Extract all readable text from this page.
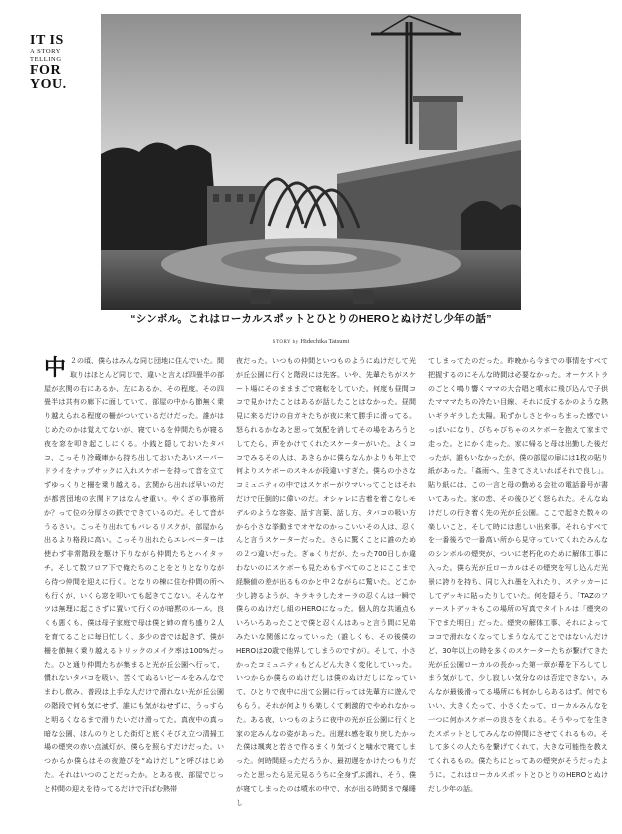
IT IS
A STORY
TELLING
FOR
YOU.
“シンボル。これはローカルスポットとひとりのHEROとぬけだし少年の話”
STORY by Hidechika Tatsumi
中 ２の頃、僕らはみんな同じ団地に住んでいた。間取りはほとんど同じで、違いと言えば四畳半の部屋が玄関の右にあるか、左にあるか、その程度。その四畳半は共有の廊下に面していて、部屋の中から節無く乗り越えられる程度の柵がついているだけだった。誰がはじめたのかは覚えてないが、寝ているを仲間たちが寝る夜を窓を叩き起こしにくる。小銭と隠しておいたタバコ、こっそり冷蔵庫から持ち出しておいたあいスーパードライをナップサックに入れスケボーを持って音を立てずゆっくりと柵を乗り越える。玄関から出れば早いのだが都営団地の玄関ドアはなんせ重い。やくざの事務所か？って位の分厚さの鉄でできているのだ。そして音がうるさい。こっそり出れてもバレるリスクが、部屋から出るより格段に高い。こっそり出れたらエレベーターは使わず非常階段を駆け下りながら仲間たちとハイタッチ。そして数フロア下で俺たちのことをとりとなりながら待つ仲間を迎えに行く。となりの棟に住む仲間の所へも行くが、いくら窓を叩いても起きてこない。そんなヤツは無理に起こさずに置いて行くのが暗黙のルール。良くも悪くも、僕は母子家庭で母は僕と姉の育ち盛り２人を育てることに毎日忙しく、多少の音では起きず、僕が柵を節無く乗り越えるトリックのメイク率は100%だった。ひと通り仲間たちが集まると光が丘公園へ行って、慣れないタバコを吸い、苦くてぬるいビールをみんなでまわし飲み、普段は上手な人だけで滑れない光が丘公園の階段で何も気にせず、誰にも気がねせずに、うっすらと明るくなるまで滑りたいだけ滑ってた。真夜中の真っ暗な公園、ほんのりとした街灯と底くそびえ立つ清掃工場の煙突の赤い点滅灯が、僕らを照らすだけだった。いつからか僕らはその夜遊びを“ぬけだし”と呼びはじめた。それはいつのことだったか。とある夜、部屋でじっと仲間の迎えを待ってるだけで汗ばむ熱帯
夜だった。いつもの仲間といつものようにぬけだして光が丘公園に行くと階段には先客。いや、先輩たちがスケート場にそのまままごで寝転をしていた。何度も昼間ココで見かけたことはあるが話したことはなかった。昼間見に来るだけの自ガキたちが夜に来て勝手に滑ってる。怒られるかなあと思って気配を消してその場をあろうとしてたら、声をかけてくれたスケーターがいた。よくココでみるその人は、あきらかに僕らなんかよりも年上で何よりスケボーのスキルが段違いすぎた。僕らの小さなコミュニティの中ではスケボーがウマいってことはそれだけで圧倒的に偉いのだ。オシャレに古着を着こなしモデルのような容姿、話す言葉、話し方、タバコの吸い方から小さな挙動までオヤなのかっこいいその人は、忍くんと言うスケーターだった。さらに驚くことに誰のための２つ違いだった。ぎゅくりだが、たった700日しか違わないのにスケボーも見ためもすべてのことにここまで経験値の差が出るものかと中２ながらに驚いた。どこか少し誇るようが、キラキラしたオーラの忍くんは一瞬で僕らのぬけだし組のHEROになった。個人的な共通点もいろいろあったことで僕と忍くんはあっと言う間に兄弟みたいな関係になっていった（誰しくも、その後僕のHEROは20歳で他界してしまうのですが）。そして、小さかったコミュニティもどんどん大きく変化していった。いつからか僕らのぬけだしは僕のぬけだしになっていて、ひとりで夜中に出て公園に行っては先輩方に遊んでもらう。それが何よりも楽しくて刺激的でやめれなかった。ある夜、いつものように夜中の光が丘公園に行くと家の定みんなの姿があった。出遅れ感を取り戻したかった僕は颯爽と若さで作るまくり気づくと噛水で寝てしまった。何時間経っただろうか、最初遅をかけたつもりだったと思ったら足元見るうちに全身ずぶ濡れ、そう、僕が寝てしまったのは噴水の中で、水が出る時間まで爆睡し
てしまってたのだった。昨晩から今までの事情をすべて把握するのにそんな時間は必要なかった。オーケストラのごとく鳴り響くママの大合唱と噴水に飛び込んで子供たマママたちの冷たい目線、それに反するかのような熱いギラギラした太陽。恥ずかしさとやっちまった感でいっぱいになり、びちゃびちゃのスケボーを抱えて家まで走った。とにかく走った。家に帰ると母は出勤した後だったが、誰もいなかったが、僕の部屋の扉には1枚の貼り紙があった。「姦雨へ、生きてさえいればそれで良し」。貼り紙には、この一言と母の勤める会社の電話番号が書いてあった。家の恋、その後ひどく怒られた。そんなぬけだしの行き着く先の光が丘公園。ここで起きた数々の楽しいこと、そして時には悲しい出来事。それらすべてを一番後ろで一番高い所から見守っていてくれたみんなのシンボルの煙突が、ついに老朽化のために解体工事に入った。僕ら光が丘ローカルはその煙突を写し込んだ光景に誇りを持ち、同じ入れ墨を入れたり、ステッカーにしてデッキに貼ったりしていた。何を隠そう、「TAZのファーストデッキもこの場所の写真でタイトルは「煙突の下でまた明日」だった。煙突の解体工事、それによってココで滑れなくなってしまうなんてことではないんだけど、30年以上の時を多くのスケーターたちが繋げてきた光が丘公園ローカルの長かった第一章が幕を下ろしてしまう気がして、少し寂しい気分なのは否定できない。みんなが最後滑ってる場所にも何かしらあるはず。何でもいい、大きくたって、小さくたって、ローカルみんなを一つに何かスケボーの良さをくれる。そうやってを生きたスポットとしてみんなの仲間にさせてくれるもの。そして多くの人たちを繋げてくれて、大きな可能性を教えてくれるもの。僕たちにとってあの煙突がそうだったように。これはローカルスポットとひとりのHEROとぬけだし少年の話。
